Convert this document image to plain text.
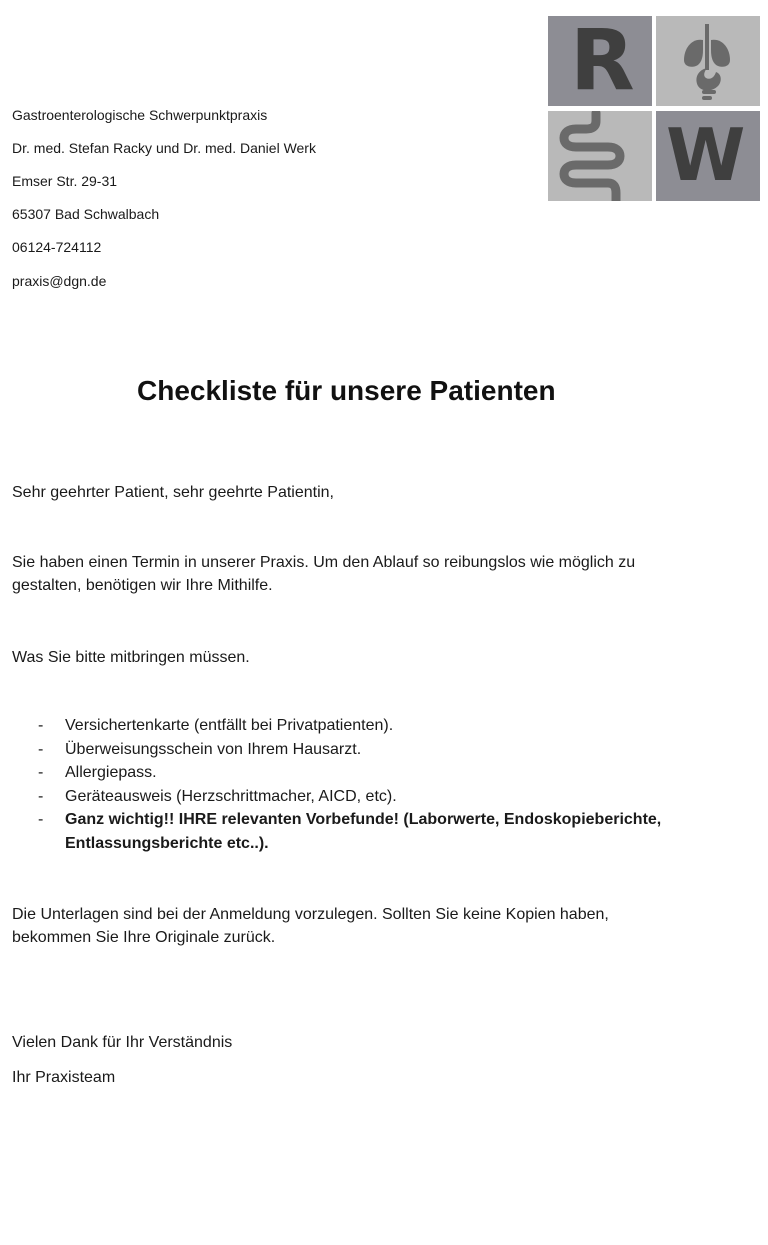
Gastroenterologische Schwerpunktpraxis
Dr. med. Stefan Racky und Dr. med. Daniel Werk
Emser Str. 29-31
65307 Bad Schwalbach
06124-724112
praxis@dgn.de
R
W
Checkliste für unsere Patienten
Sehr geehrter Patient, sehr geehrte Patientin,
Sie haben einen Termin in unserer Praxis. Um den Ablauf so reibungslos wie möglich zu gestalten, benötigen wir Ihre Mithilfe.
Was Sie bitte mitbringen müssen.
- Versichertenkarte (entfällt bei Privatpatienten).
- Überweisungsschein von Ihrem Hausarzt.
- Allergiepass.
- Geräteausweis (Herzschrittmacher, AICD, etc).
- Ganz wichtig!! IHRE relevanten Vorbefunde! (Laborwerte, Endoskopieberichte, Entlassungsberichte etc..).
Die Unterlagen sind bei der Anmeldung vorzulegen. Sollten Sie keine Kopien haben, bekommen Sie Ihre Originale zurück.
Vielen Dank für Ihr Verständnis
Ihr Praxisteam
